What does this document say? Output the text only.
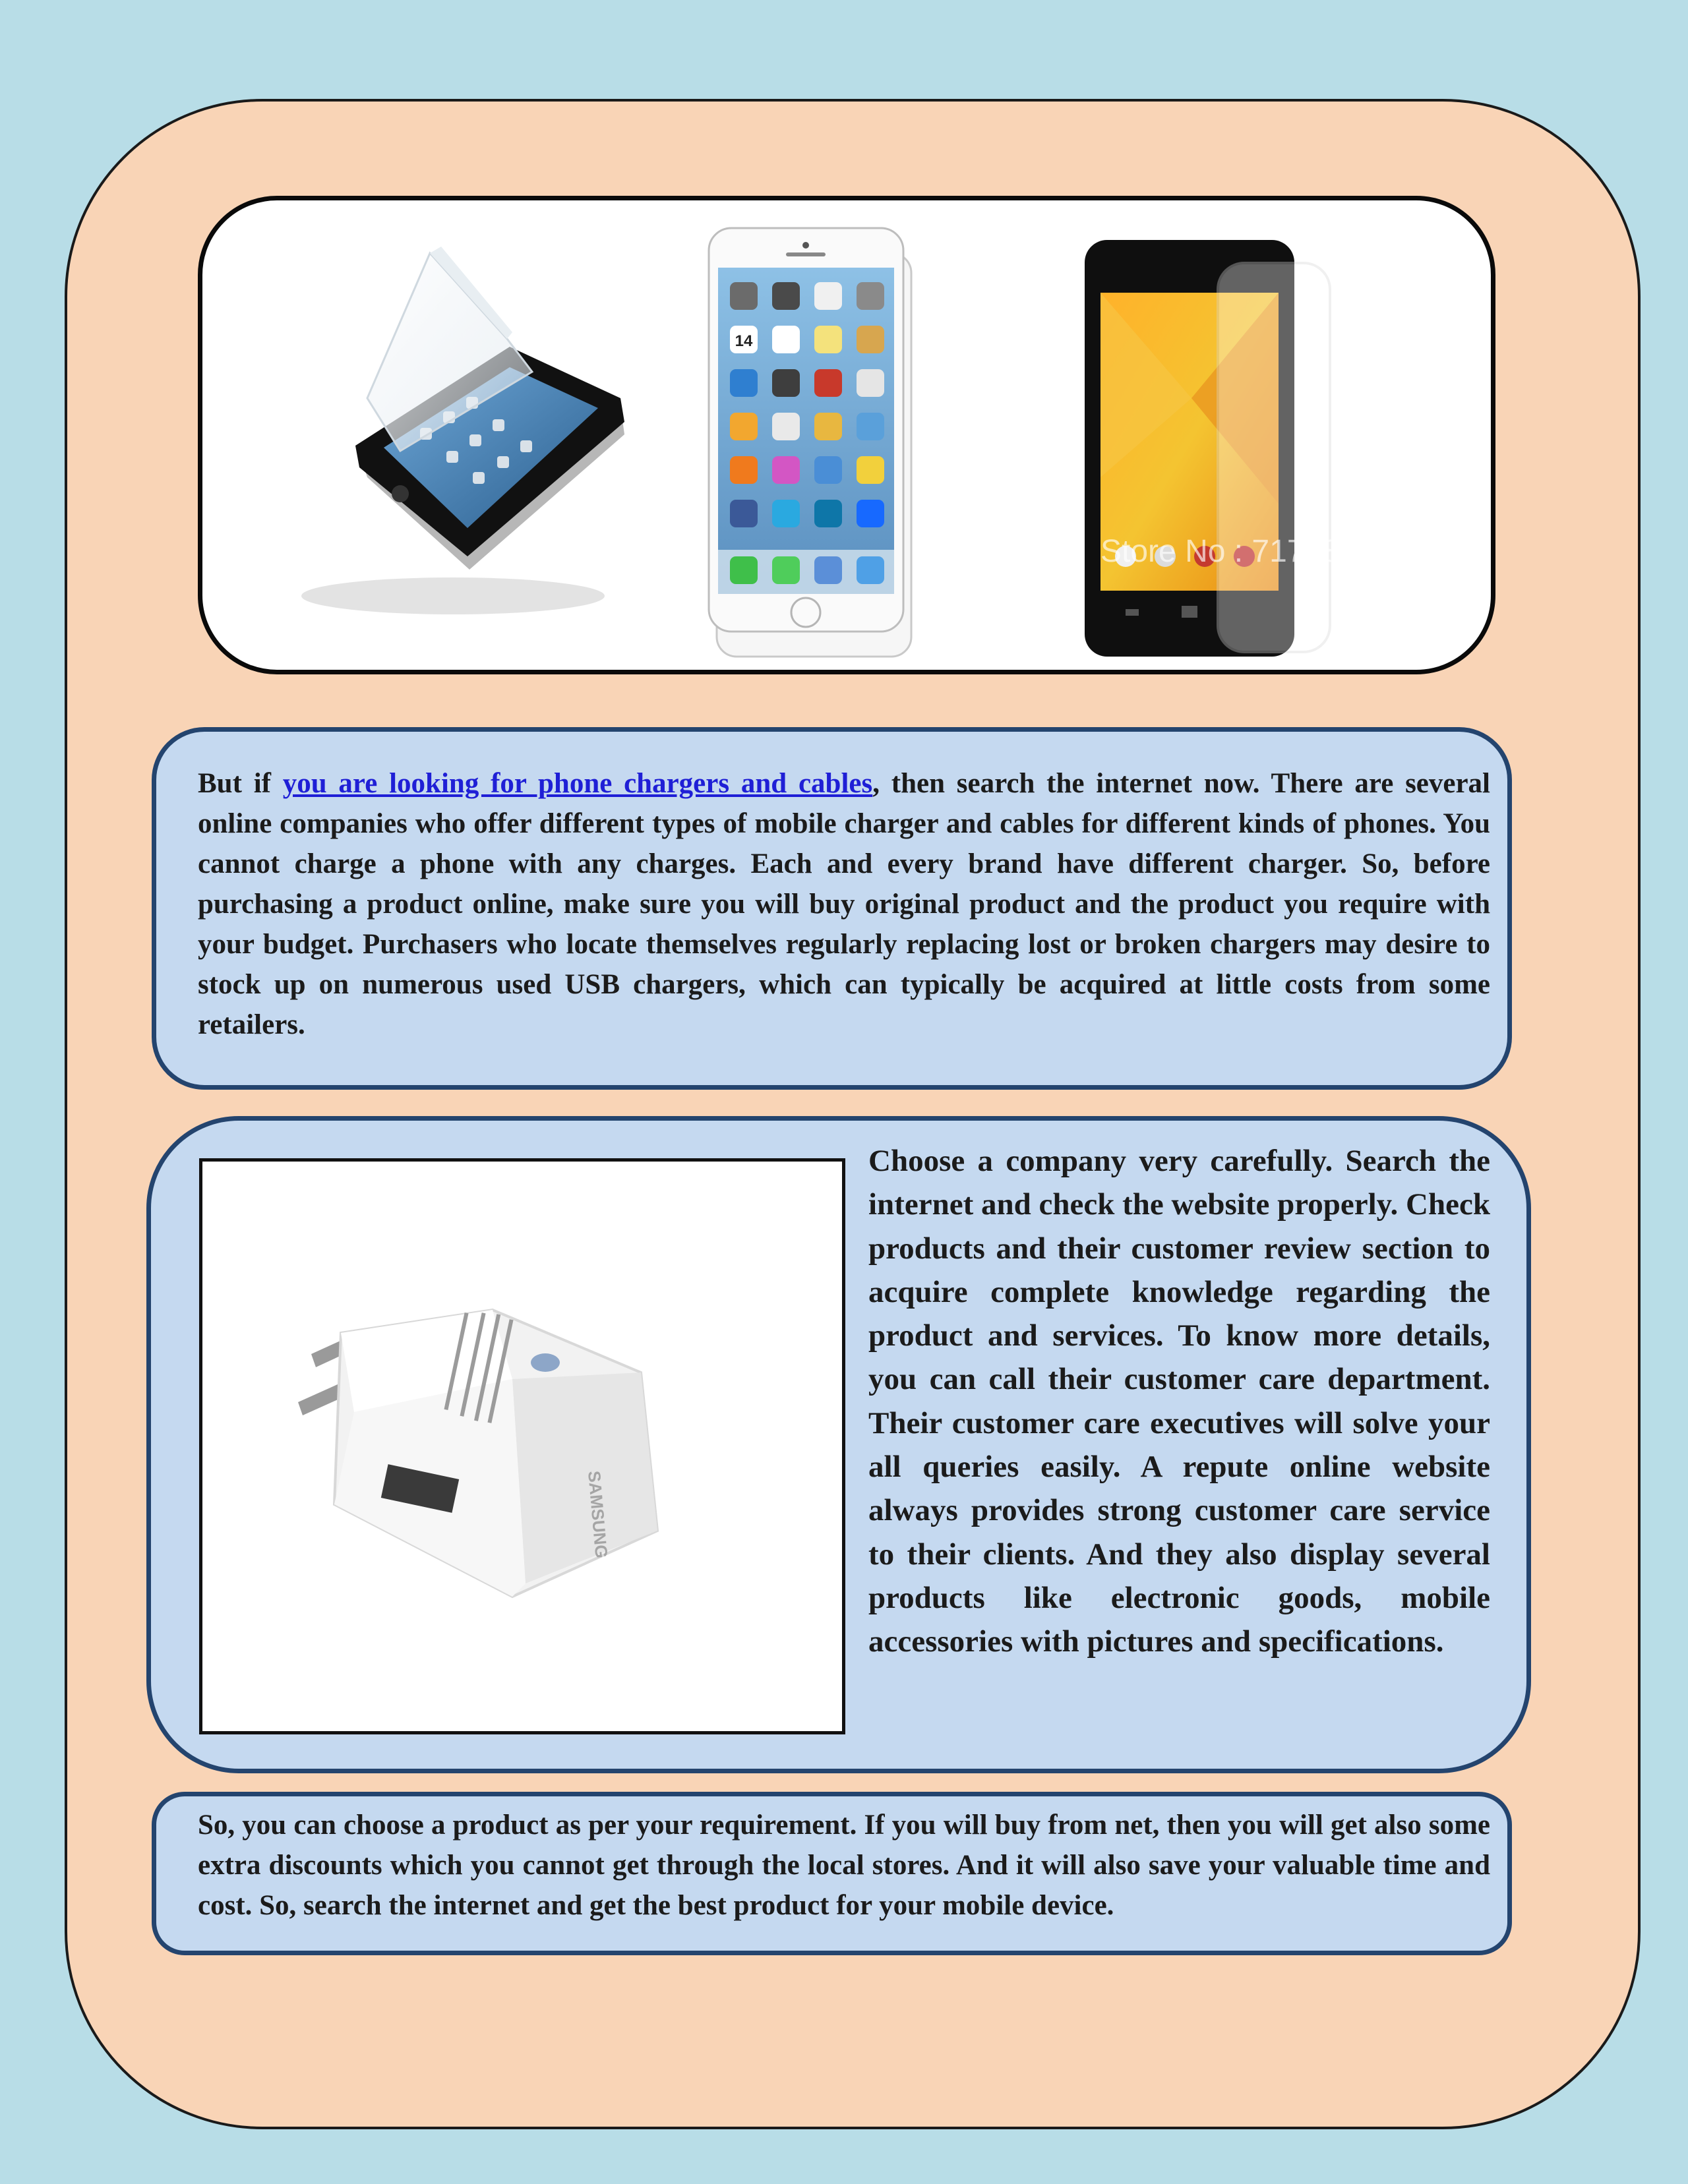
14
Store No : 717783

But if you are looking for phone chargers and cables, then search the internet now. There are several online companies who offer different types of mobile charger and cables for different kinds of phones. You cannot charge a phone with any charges. Each and every brand have different charger. So, before purchasing a product online, make sure you will buy original product and the product you require with your budget. Purchasers who locate themselves regularly replacing lost or broken chargers may desire to stock up on numerous used USB chargers, which can typically be acquired at little costs from some retailers.

SAMSUNG

Choose a company very carefully. Search the internet and check the website properly. Check products and their customer review section to acquire complete knowledge regarding the product and services. To know more details, you can call their customer care department. Their customer care executives will solve your all queries easily. A repute online website always provides strong customer care service to their clients. And they also display several products like electronic goods, mobile accessories with pictures and specifications.

So, you can choose a product as per your requirement. If you will buy from net, then you will get also some extra discounts which you cannot get through the local stores. And it will also save your valuable time and cost. So, search the internet and get the best product for your mobile device.
